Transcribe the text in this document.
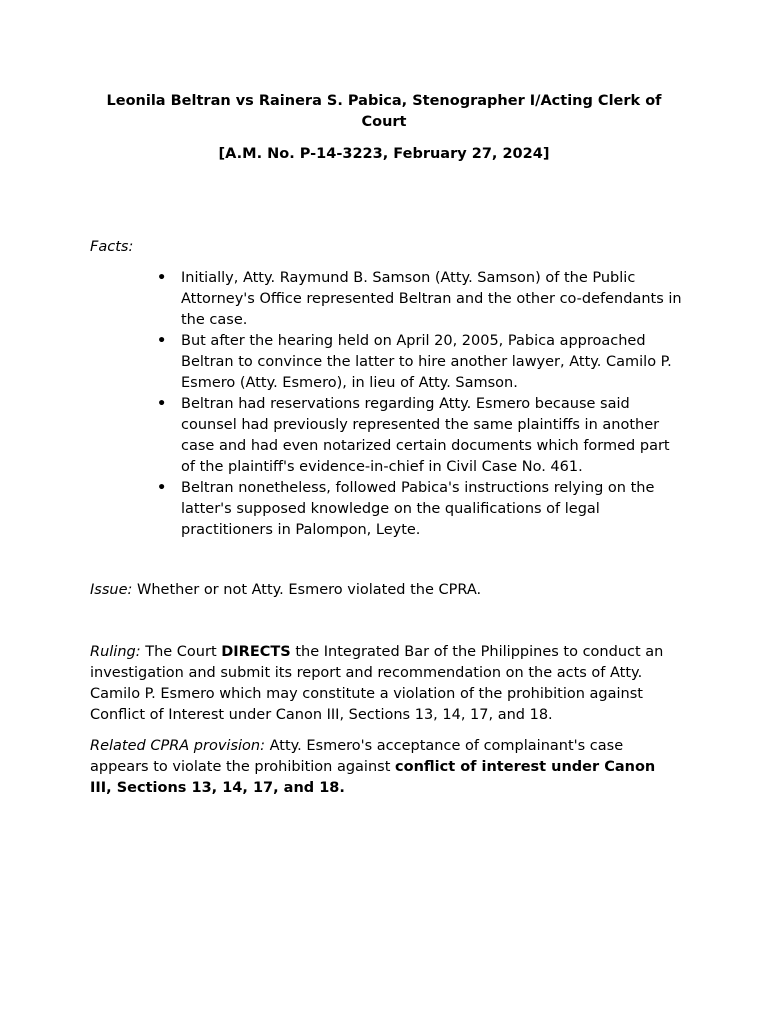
Leonila Beltran vs Rainera S. Pabica, Stenographer I/Acting Clerk of Court

[A.M. No. P-14-3223, February 27, 2024]

Facts:

• Initially, Atty. Raymund B. Samson (Atty. Samson) of the Public Attorney's Office represented Beltran and the other co-defendants in the case.
• But after the hearing held on April 20, 2005, Pabica approached Beltran to convince the latter to hire another lawyer, Atty. Camilo P. Esmero (Atty. Esmero), in lieu of Atty. Samson.
• Beltran had reservations regarding Atty. Esmero because said counsel had previously represented the same plaintiffs in another case and had even notarized certain documents which formed part of the plaintiff's evidence-in-chief in Civil Case No. 461.
• Beltran nonetheless, followed Pabica's instructions relying on the latter's supposed knowledge on the qualifications of legal practitioners in Palompon, Leyte.

Issue: Whether or not Atty. Esmero violated the CPRA.

Ruling: The Court DIRECTS the Integrated Bar of the Philippines to conduct an investigation and submit its report and recommendation on the acts of Atty. Camilo P. Esmero which may constitute a violation of the prohibition against Conflict of Interest under Canon III, Sections 13, 14, 17, and 18.

Related CPRA provision: Atty. Esmero's acceptance of complainant's case appears to violate the prohibition against conflict of interest under Canon III, Sections 13, 14, 17, and 18.
